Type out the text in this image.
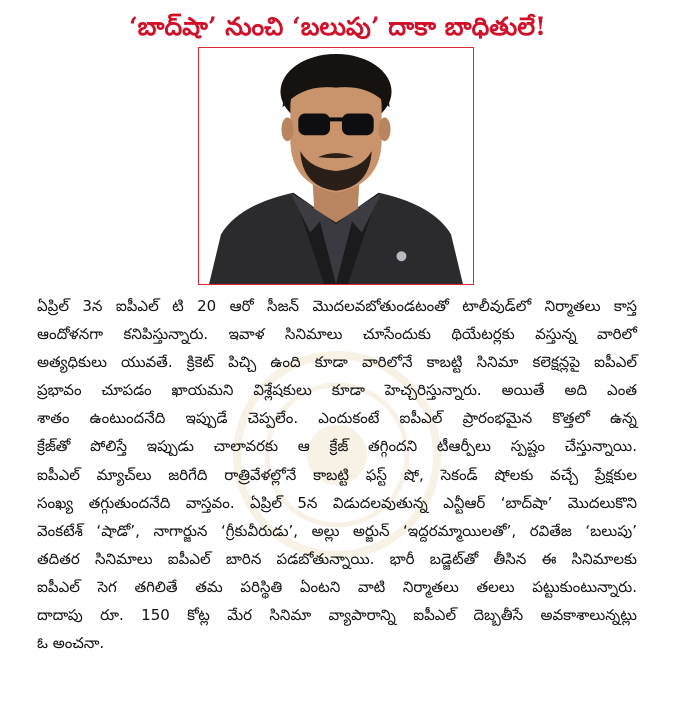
‘బాద్‌షా’ నుంచి ‘బలుపు’ దాకా బాధితులే!
ఏప్రిల్ 3న ఐపీఎల్ టి 20 ఆరో సీజన్ మొదలవబోతుండటంతో టాలీవుడ్‌లో నిర్మాతలు కాస్త
ఆందోళనగా కనిపిస్తున్నారు. ఇవాళ సినిమాలు చూసేందుకు థియేటర్లకు వస్తున్న వారిలో
అత్యధికులు యువతే. క్రికెట్ పిచ్చి ఉంది కూడా వారిలోనే కాబట్టి సినిమా కలెక్షన్లపై ఐపీఎల్
ప్రభావం చూపడం ఖాయమని విశ్లేషకులు కూడా హెచ్చరిస్తున్నారు. అయితే అది ఎంత
శాతం ఉంటుందనేది ఇప్పుడే చెప్పలేం. ఎందుకంటే ఐపీఎల్ ప్రారంభమైన కొత్తలో ఉన్న
క్రేజ్‌తో పోలిస్తే ఇప్పుడు చాలావరకు ఆ క్రేజ్ తగ్గిందని టీఆర్పీలు స్పష్టం చేస్తున్నాయి.
ఐపీఎల్ మ్యాచ్‌లు జరిగేది రాత్రివేళల్లోనే కాబట్టి ఫస్ట్ షో, సెకండ్ షోలకు వచ్చే ప్రేక్షకుల
సంఖ్య తగ్గుతుందనేది వాస్తవం. ఏప్రిల్ 5న విడుదలవుతున్న ఎన్టీఆర్ ‘బాద్‌షా’ మొదలుకొని
వెంకటేశ్ ‘షాడో’, నాగార్జున ‘గ్రీకువీరుడు’, అల్లు అర్జున్ ‘ఇద్దరమ్మాయిలతో’, రవితేజ ‘బలుపు’
తదితర సినిమాలు ఐపీఎల్ బారిన పడబోతున్నాయి. భారీ బడ్జెట్‌తో తీసిన ఈ సినిమాలకు
ఐపీఎల్ సెగ తగిలితే తమ పరిస్థితి ఏంటని వాటి నిర్మాతలు తలలు పట్టుకుంటున్నారు.
దాదాపు రూ. 150 కోట్ల మేర సినిమా వ్యాపారాన్ని ఐపీఎల్ దెబ్బతీసే అవకాశాలున్నట్లు
ఓ అంచనా.
